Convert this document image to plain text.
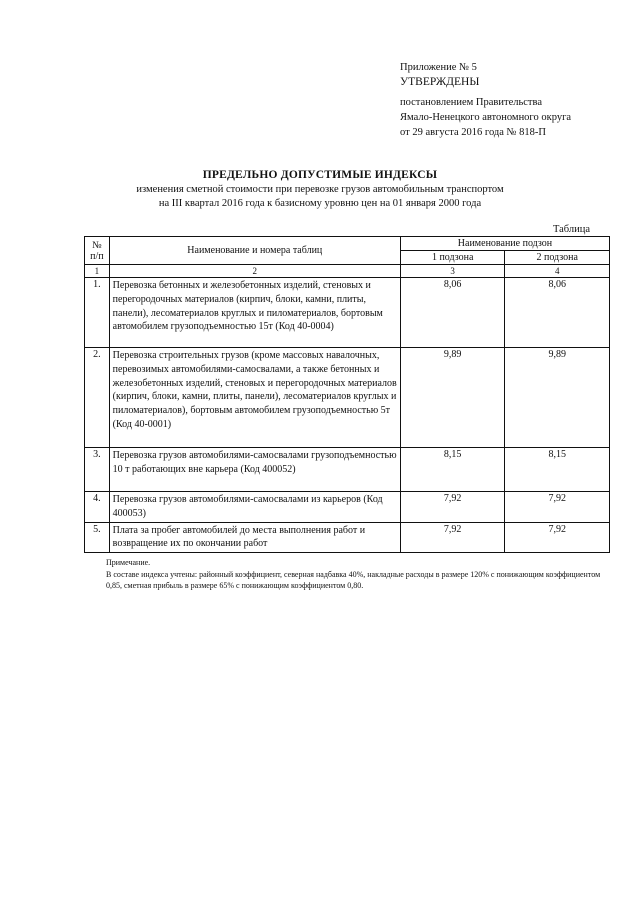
Приложение № 5
УТВЕРЖДЕНЫ
постановлением Правительства
Ямало-Ненецкого автономного округа
от 29 августа 2016 года № 818-П
ПРЕДЕЛЬНО ДОПУСТИМЫЕ ИНДЕКСЫ
изменения сметной стоимости при перевозке грузов автомобильным транспортом
на III квартал 2016 года к базисному уровню цен на 01 января 2000 года
Таблица
№
п/п	Наименование и номера таблиц	Наименование подзон	
		1 подзона	2 подзона
1	2	3	4
1.	Перевозка бетонных и железобетонных изделий, стеновых и перегородочных материалов (кирпич, блоки, камни, плиты, панели), лесоматериалов круглых и пиломатериалов, бортовым автомобилем грузоподъемностью 15т (Код 40-0004)	8,06	8,06
2.	Перевозка строительных грузов (кроме массовых навалочных, перевозимых автомобилями-самосвалами, а также бетонных и железобетонных изделий, стеновых и перегородочных материалов (кирпич, блоки, камни, плиты, панели), лесоматериалов круглых и пиломатериалов), бортовым автомобилем грузоподъемностью 5т (Код 40-0001)	9,89	9,89
3.	Перевозка грузов автомобилями-самосвалами грузоподъемностью 10 т работающих вне карьера (Код 400052)	8,15	8,15
4.	Перевозка грузов автомобилями-самосвалами из карьеров (Код 400053)	7,92	7,92
5.	Плата за пробег автомобилей до места выполнения работ и возвращение их по окончании работ	7,92	7,92
Примечание.
В составе индекса учтены: районный коэффициент, северная надбавка 40%, накладные расходы в размере 120% с понижающим коэффициентом 0,85, сметная прибыль в размере 65% с понижающим коэффициентом 0,80.
